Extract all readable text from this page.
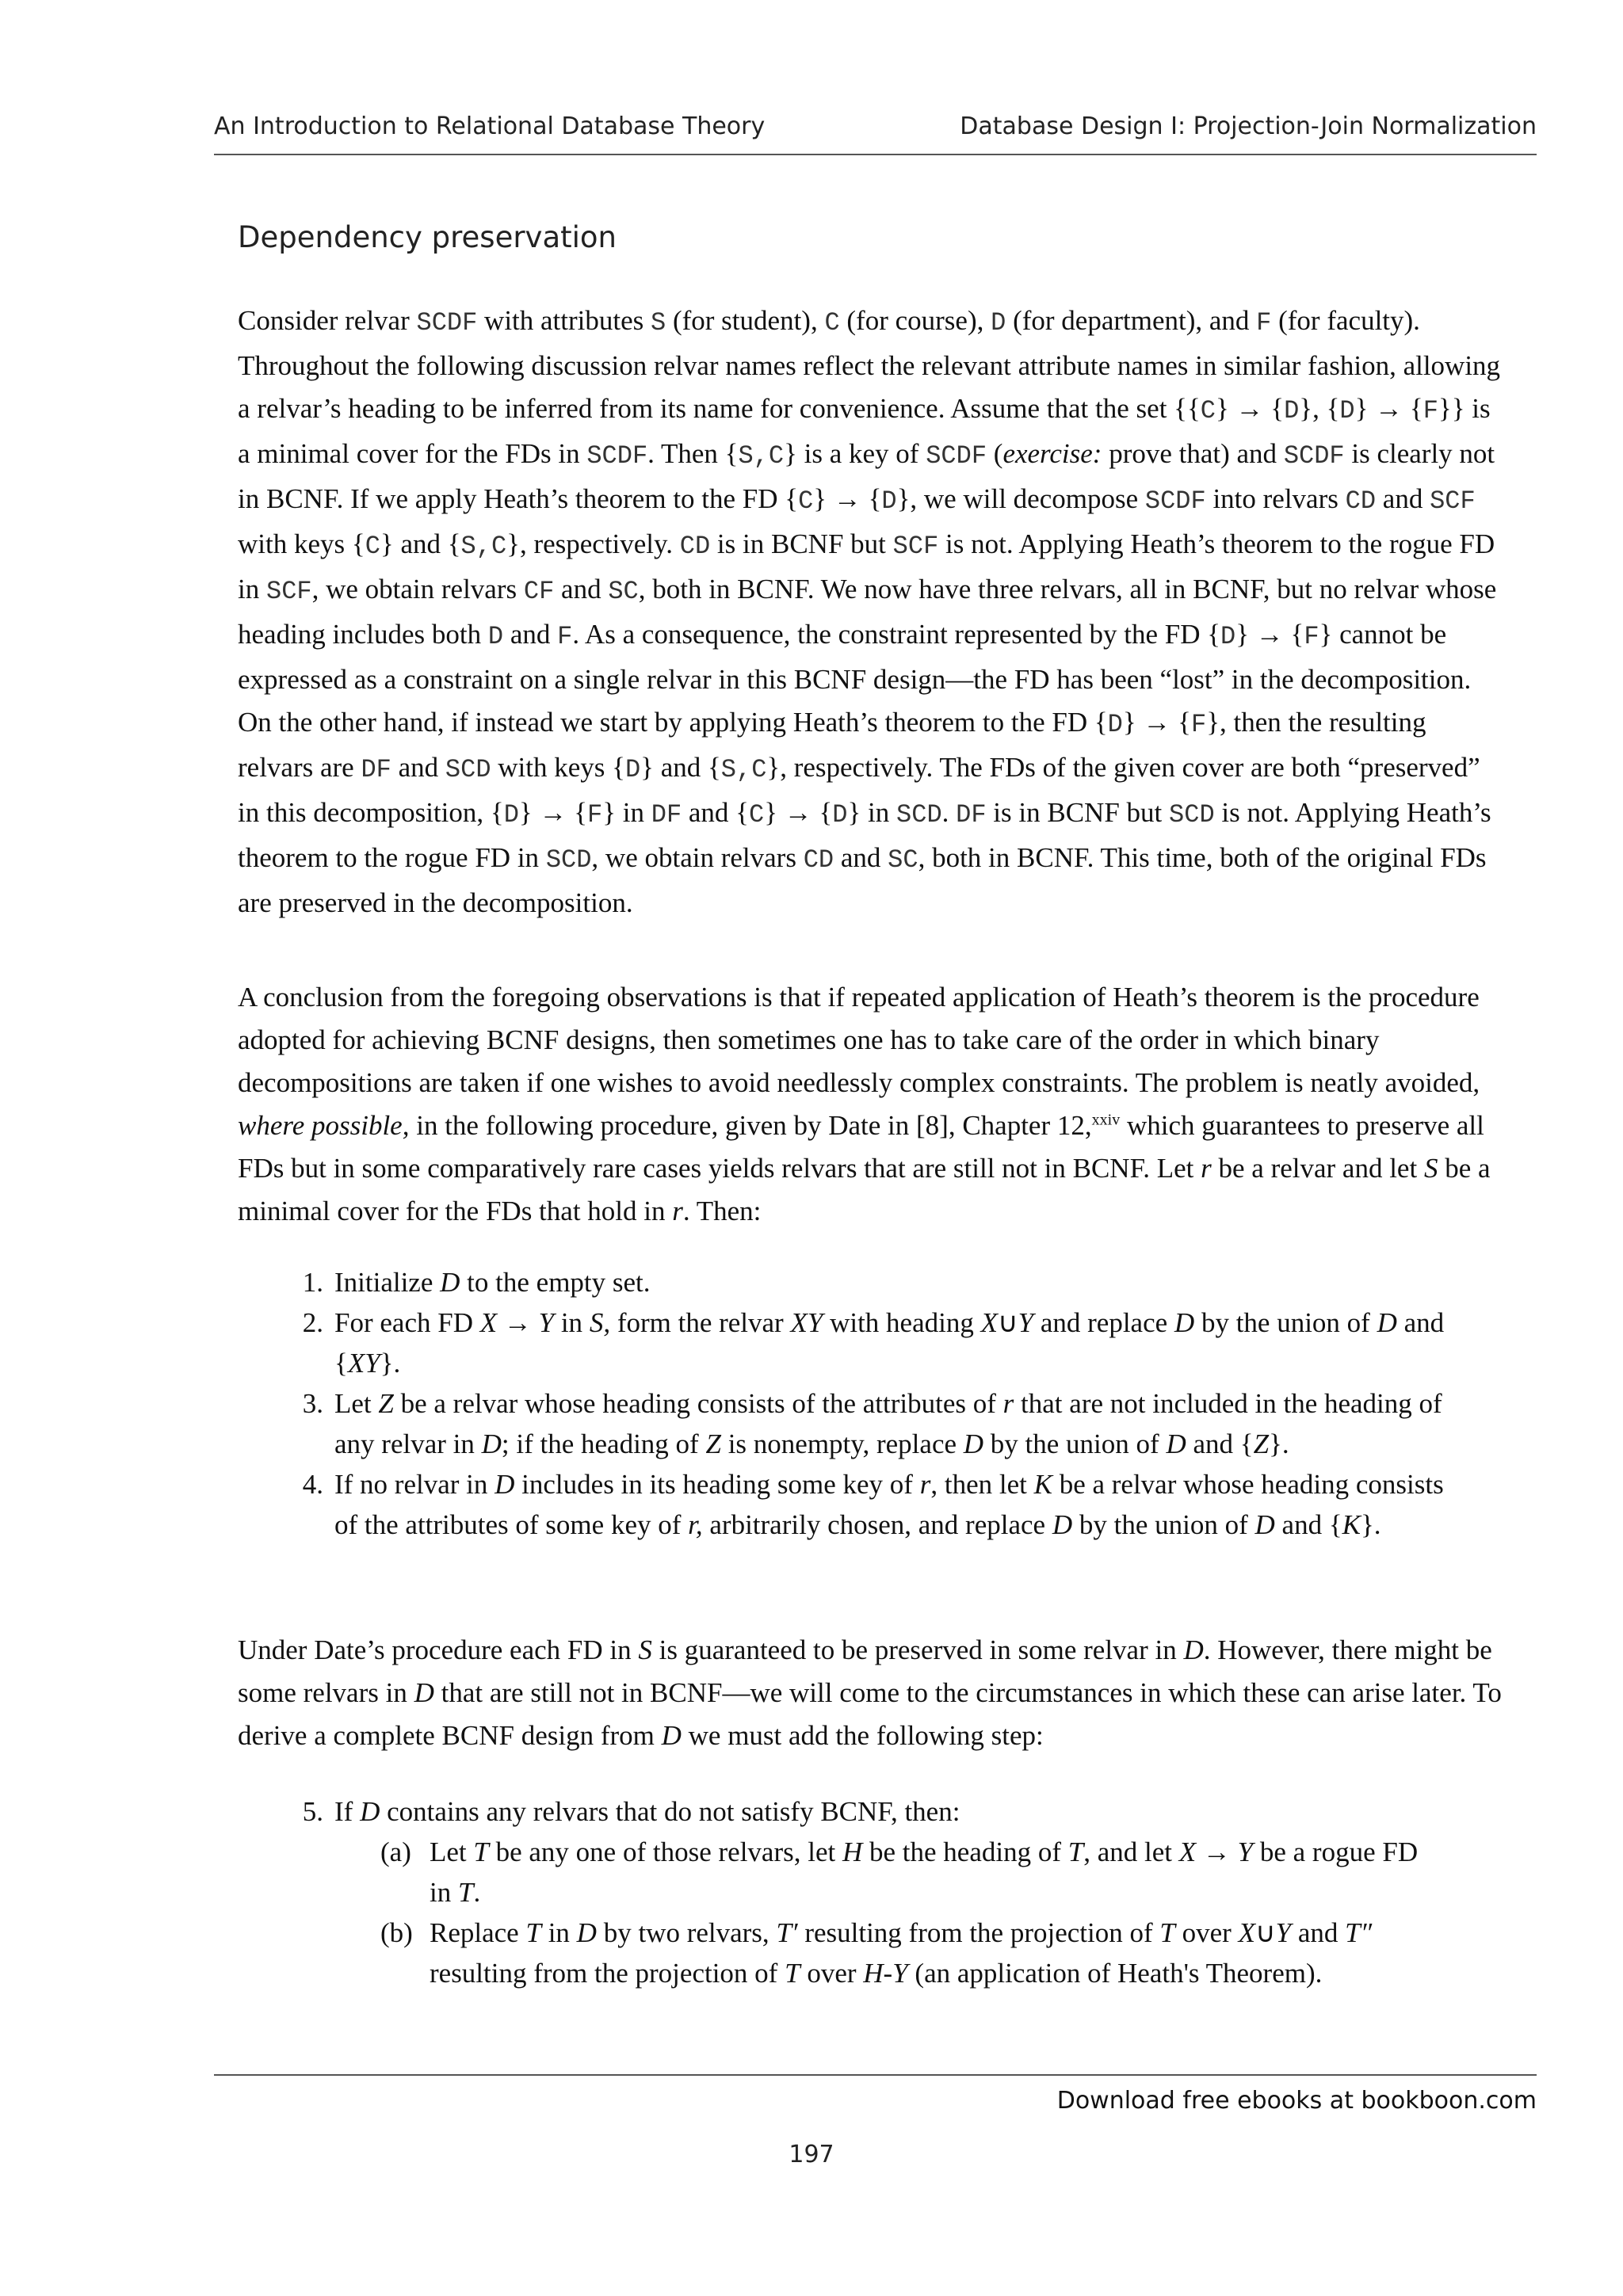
An Introduction to Relational Database Theory	Database Design I: Projection-Join Normalization
Dependency preservation

Consider relvar SCDF with attributes S (for student), C (for course), D (for department), and F (for faculty). Throughout the following discussion relvar names reflect the relevant attribute names in similar fashion, allowing a relvar’s heading to be inferred from its name for convenience. Assume that the set {{C} → {D}, {D} → {F}} is a minimal cover for the FDs in SCDF. Then {S,C} is a key of SCDF (exercise: prove that) and SCDF is clearly not in BCNF. If we apply Heath’s theorem to the FD {C} → {D}, we will decompose SCDF into relvars CD and SCF with keys {C} and {S,C}, respectively. CD is in BCNF but SCF is not. Applying Heath’s theorem to the rogue FD in SCF, we obtain relvars CF and SC, both in BCNF. We now have three relvars, all in BCNF, but no relvar whose heading includes both D and F. As a consequence, the constraint represented by the FD {D} → {F} cannot be expressed as a constraint on a single relvar in this BCNF design—the FD has been “lost” in the decomposition. On the other hand, if instead we start by applying Heath’s theorem to the FD {D} → {F}, then the resulting relvars are DF and SCD with keys {D} and {S,C}, respectively. The FDs of the given cover are both “preserved” in this decomposition, {D} → {F} in DF and {C} → {D} in SCD. DF is in BCNF but SCD is not. Applying Heath’s theorem to the rogue FD in SCD, we obtain relvars CD and SC, both in BCNF. This time, both of the original FDs are preserved in the decomposition.

A conclusion from the foregoing observations is that if repeated application of Heath’s theorem is the procedure adopted for achieving BCNF designs, then sometimes one has to take care of the order in which binary decompositions are taken if one wishes to avoid needlessly complex constraints. The problem is neatly avoided, where possible, in the following procedure, given by Date in [8], Chapter 12,$^{xxiv}$ which guarantees to preserve all FDs but in some comparatively rare cases yields relvars that are still not in BCNF. Let r be a relvar and let S be a minimal cover for the FDs that hold in r. Then:

1. Initialize D to the empty set.
2. For each FD X → Y in S, form the relvar XY with heading X∪Y and replace D by the union of D and {XY}.
3. Let Z be a relvar whose heading consists of the attributes of r that are not included in the heading of any relvar in D; if the heading of Z is nonempty, replace D by the union of D and {Z}.
4. If no relvar in D includes in its heading some key of r, then let K be a relvar whose heading consists of the attributes of some key of r, arbitrarily chosen, and replace D by the union of D and {K}.

Under Date’s procedure each FD in S is guaranteed to be preserved in some relvar in D. However, there might be some relvars in D that are still not in BCNF—we will come to the circumstances in which these can arise later. To derive a complete BCNF design from D we must add the following step:

5. If D contains any relvars that do not satisfy BCNF, then:
(a) Let T be any one of those relvars, let H be the heading of T, and let X → Y be a rogue FD in T.
(b) Replace T in D by two relvars, T′ resulting from the projection of T over X∪Y and T″ resulting from the projection of T over H-Y (an application of Heath's Theorem).
Download free ebooks at bookboon.com
197
